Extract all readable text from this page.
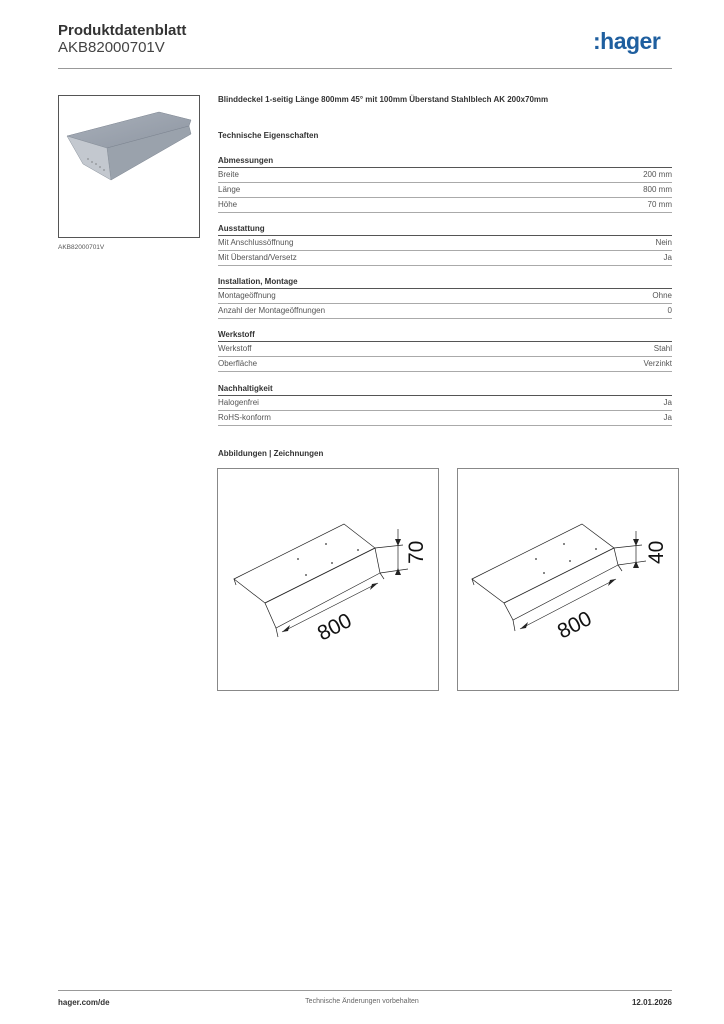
Produktdatenblatt
AKB82000701V	:hager
AKB82000701V

Blinddeckel 1-seitig Länge 800mm 45° mit 100mm Überstand Stahlblech AK 200x70mm

Technische Eigenschaften
Abmessungen
Breite	200 mm
Länge	800 mm
Höhe	70 mm
Ausstattung
Mit Anschlussöffnung	Nein
Mit Überstand/Versetz	Ja
Installation, Montage
Montageöffnung	Ohne
Anzahl der Montageöffnungen	0
Werkstoff
Werkstoff	Stahl
Oberfläche	Verzinkt
Nachhaltigkeit
Halogenfrei	Ja
RoHS-konform	Ja
Abbildungen | Zeichnungen
800
70
800
40
hager.com/de	Technische Änderungen vorbehalten	12.01.2026
